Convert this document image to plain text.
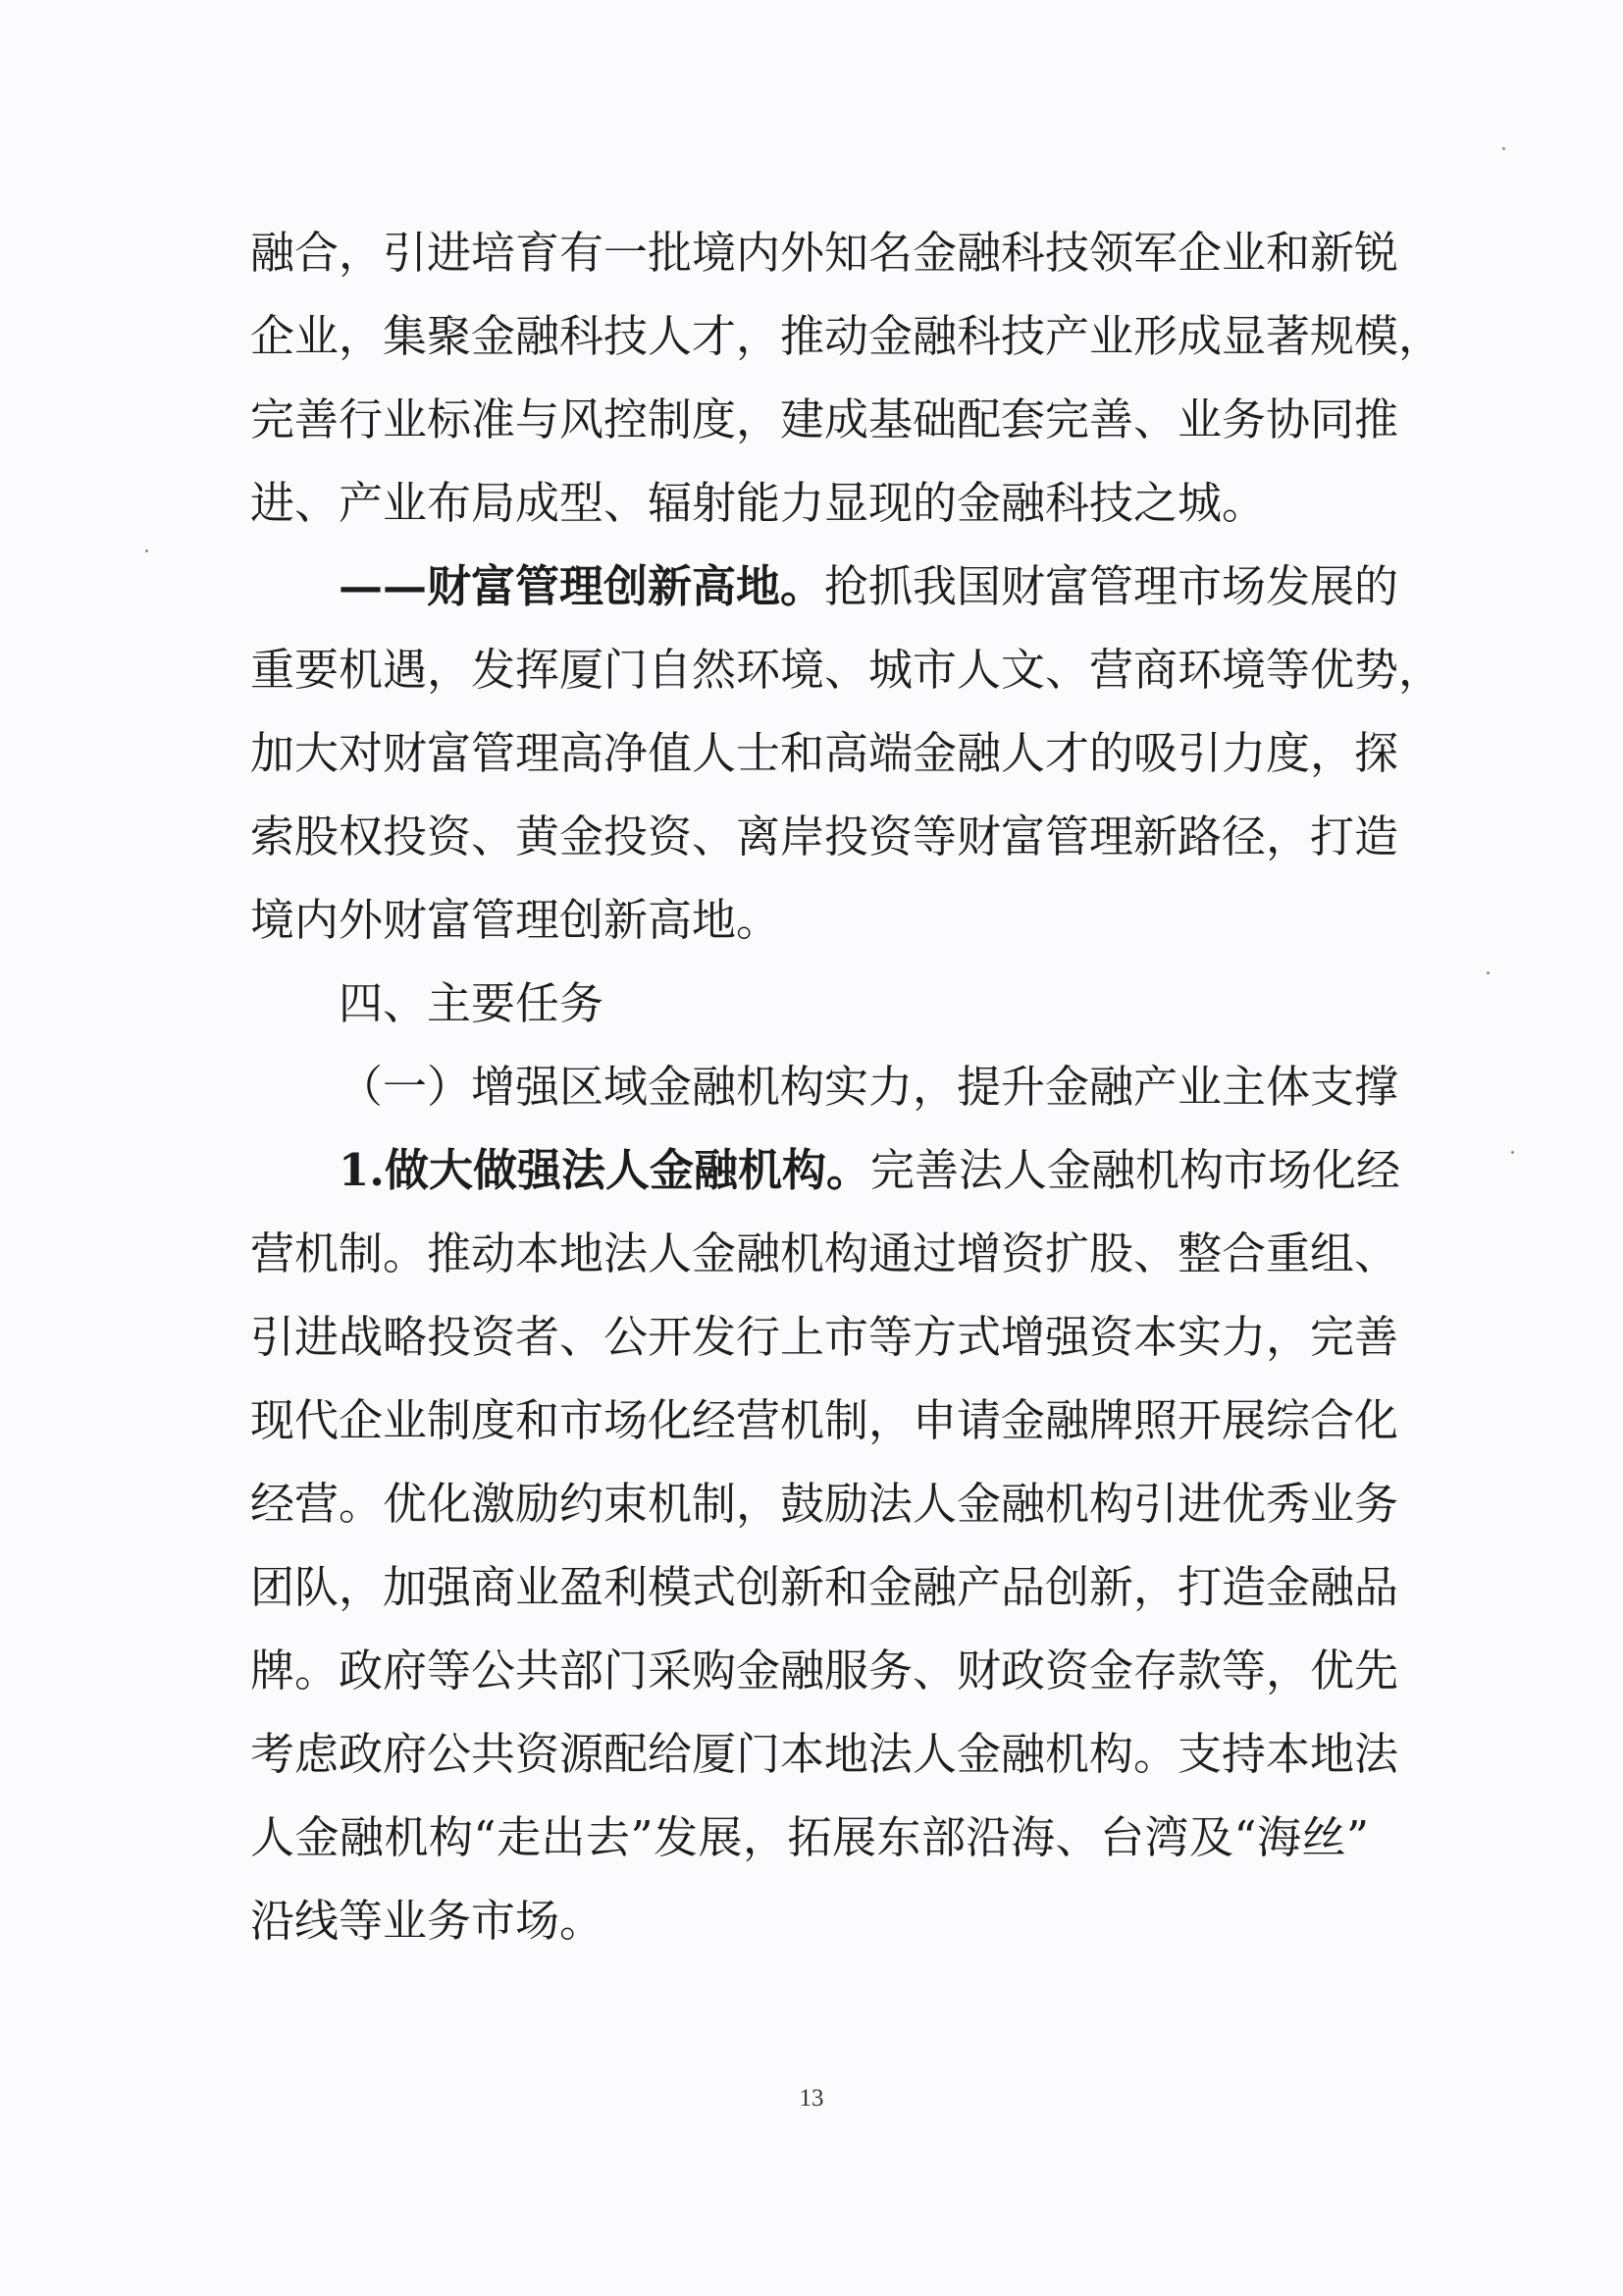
融合，引进培育有一批境内外知名金融科技领军企业和新锐
企业，集聚金融科技人才，推动金融科技产业形成显著规模，
完善行业标准与风控制度，建成基础配套完善、业务协同推
进、产业布局成型、辐射能力显现的金融科技之城。
——财富管理创新高地。抢抓我国财富管理市场发展的
重要机遇，发挥厦门自然环境、城市人文、营商环境等优势，
加大对财富管理高净值人士和高端金融人才的吸引力度，探
索股权投资、黄金投资、离岸投资等财富管理新路径，打造
境内外财富管理创新高地。
四、主要任务
（一）增强区域金融机构实力，提升金融产业主体支撑
1.做大做强法人金融机构。完善法人金融机构市场化经
营机制。推动本地法人金融机构通过增资扩股、整合重组、
引进战略投资者、公开发行上市等方式增强资本实力，完善
现代企业制度和市场化经营机制，申请金融牌照开展综合化
经营。优化激励约束机制，鼓励法人金融机构引进优秀业务
团队，加强商业盈利模式创新和金融产品创新，打造金融品
牌。政府等公共部门采购金融服务、财政资金存款等，优先
考虑政府公共资源配给厦门本地法人金融机构。支持本地法
人金融机构“走出去”发展，拓展东部沿海、台湾及“海丝”
沿线等业务市场。
13
